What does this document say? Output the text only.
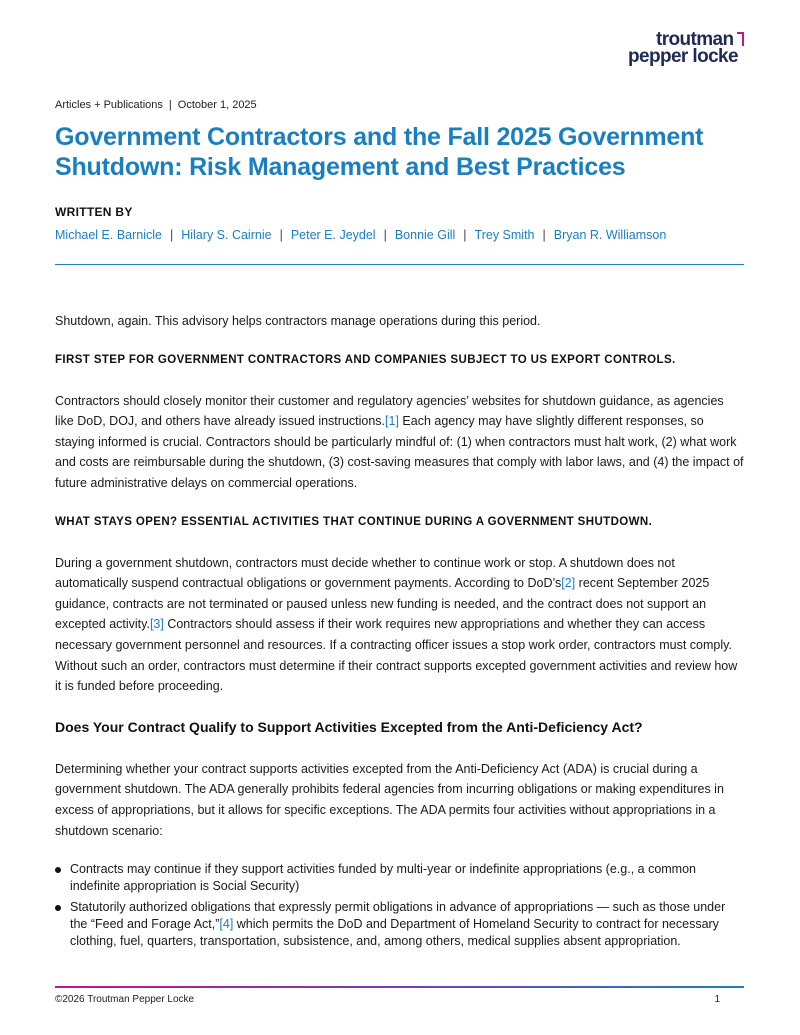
troutman
pepper locke
Articles + Publications | October 1, 2025
Government Contractors and the Fall 2025 Government Shutdown: Risk Management and Best Practices
WRITTEN BY
Michael E. Barnicle | Hilary S. Cairnie | Peter E. Jeydel | Bonnie Gill | Trey Smith | Bryan R. Williamson

Shutdown, again. This advisory helps contractors manage operations during this period.

FIRST STEP FOR GOVERNMENT CONTRACTORS AND COMPANIES SUBJECT TO US EXPORT CONTROLS.

Contractors should closely monitor their customer and regulatory agencies’ websites for shutdown guidance, as agencies like DoD, DOJ, and others have already issued instructions.[1] Each agency may have slightly different responses, so staying informed is crucial. Contractors should be particularly mindful of: (1) when contractors must halt work, (2) what work and costs are reimbursable during the shutdown, (3) cost-saving measures that comply with labor laws, and (4) the impact of future administrative delays on commercial operations.

WHAT STAYS OPEN? ESSENTIAL ACTIVITIES THAT CONTINUE DURING A GOVERNMENT SHUTDOWN.

During a government shutdown, contractors must decide whether to continue work or stop. A shutdown does not automatically suspend contractual obligations or government payments. According to DoD’s[2] recent September 2025 guidance, contracts are not terminated or paused unless new funding is needed, and the contract does not support an excepted activity.[3] Contractors should assess if their work requires new appropriations and whether they can access necessary government personnel and resources. If a contracting officer issues a stop work order, contractors must comply. Without such an order, contractors must determine if their contract supports excepted government activities and review how it is funded before proceeding.

Does Your Contract Qualify to Support Activities Excepted from the Anti-Deficiency Act?

Determining whether your contract supports activities excepted from the Anti-Deficiency Act (ADA) is crucial during a government shutdown. The ADA generally prohibits federal agencies from incurring obligations or making expenditures in excess of appropriations, but it allows for specific exceptions. The ADA permits four activities without appropriations in a shutdown scenario:

Contracts may continue if they support activities funded by multi-year or indefinite appropriations (e.g., a common indefinite appropriation is Social Security)
Statutorily authorized obligations that expressly permit obligations in advance of appropriations — such as those under the “Feed and Forage Act,”[4] which permits the DoD and Department of Homeland Security to contract for necessary clothing, fuel, quarters, transportation, subsistence, and, among others, medical supplies absent appropriation.
©2026 Troutman Pepper Locke	1
